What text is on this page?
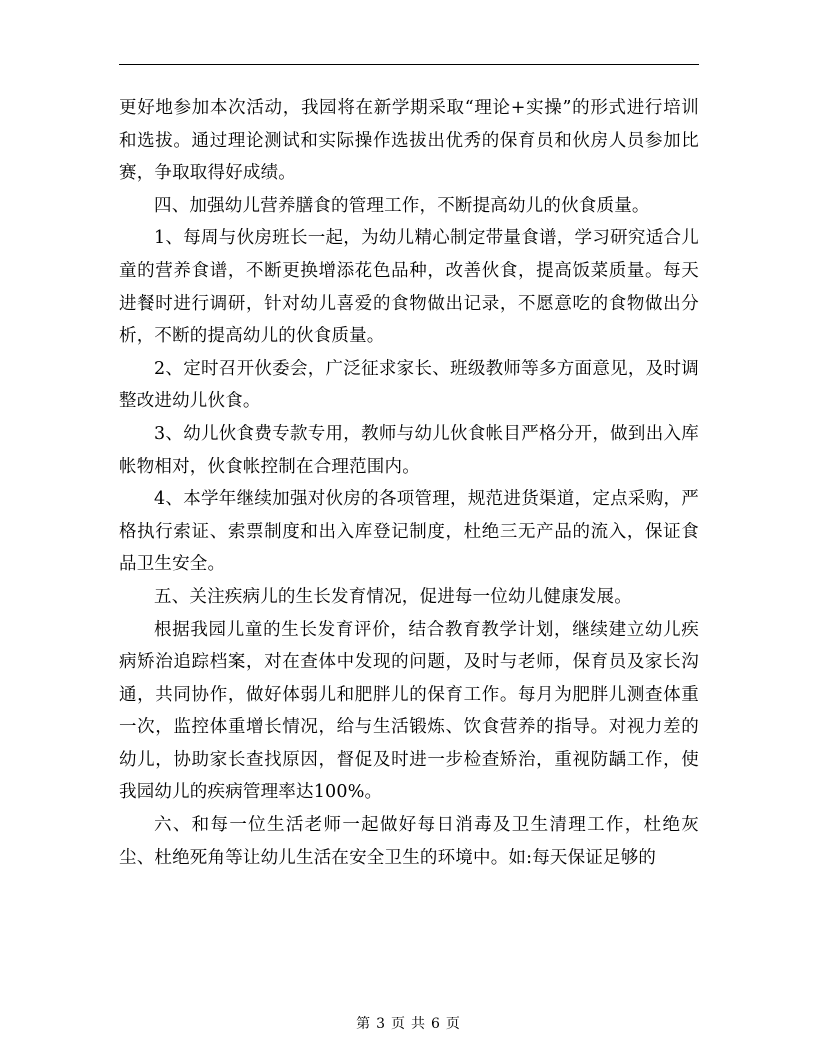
更好地参加本次活动，我园将在新学期采取“理论+实操”的形式进行培训和选拔。通过理论测试和实际操作选拔出优秀的保育员和伙房人员参加比赛，争取取得好成绩。

四、加强幼儿营养膳食的管理工作，不断提高幼儿的伙食质量。

1、每周与伙房班长一起，为幼儿精心制定带量食谱，学习研究适合儿童的营养食谱，不断更换增添花色品种，改善伙食，提高饭菜质量。每天进餐时进行调研，针对幼儿喜爱的食物做出记录，不愿意吃的食物做出分析，不断的提高幼儿的伙食质量。

2、定时召开伙委会，广泛征求家长、班级教师等多方面意见，及时调整改进幼儿伙食。

3、幼儿伙食费专款专用，教师与幼儿伙食帐目严格分开，做到出入库帐物相对，伙食帐控制在合理范围内。

4、本学年继续加强对伙房的各项管理，规范进货渠道，定点采购，严格执行索证、索票制度和出入库登记制度，杜绝三无产品的流入，保证食品卫生安全。

五、关注疾病儿的生长发育情况，促进每一位幼儿健康发展。

根据我园儿童的生长发育评价，结合教育教学计划，继续建立幼儿疾病矫治追踪档案，对在查体中发现的问题，及时与老师，保育员及家长沟通，共同协作，做好体弱儿和肥胖儿的保育工作。每月为肥胖儿测查体重一次，监控体重增长情况，给与生活锻炼、饮食营养的指导。对视力差的幼儿，协助家长查找原因，督促及时进一步检查矫治，重视防龋工作，使我园幼儿的疾病管理率达100%。

六、和每一位生活老师一起做好每日消毒及卫生清理工作，杜绝灰尘、杜绝死角等让幼儿生活在安全卫生的环境中。如:每天保证足够的

第 3 页 共 6 页
